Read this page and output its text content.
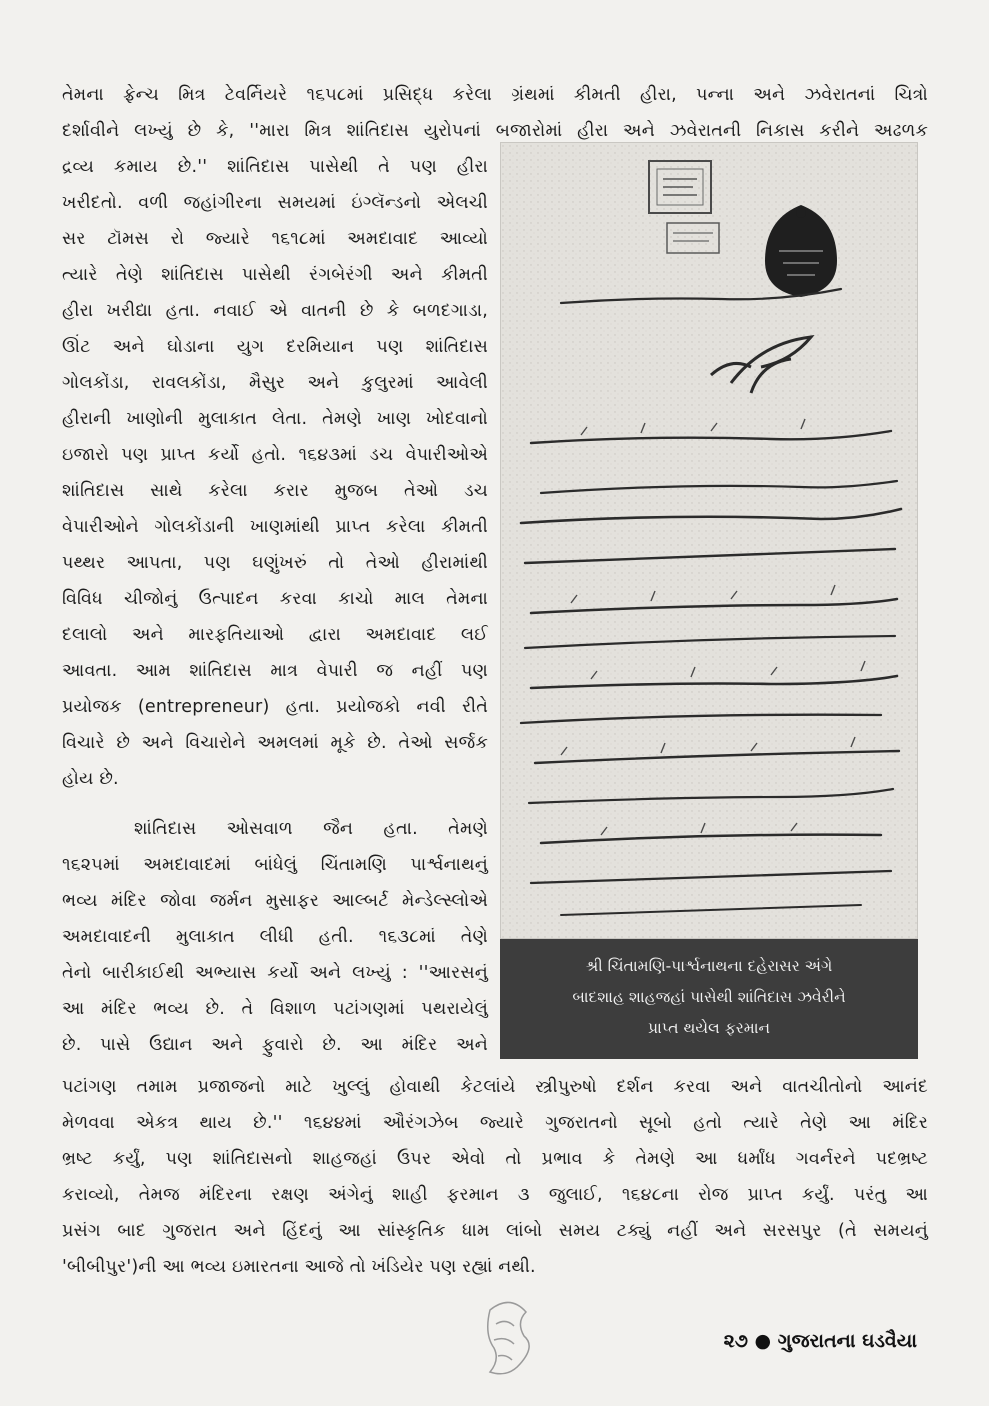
તેમના ફ્રેન્ચ મિત્ર ટેવર્નિયરે ૧૬૫૮માં પ્રસિદ્ધ કરેલા ગ્રંથમાં કીમતી હીરા, પન્ના અને ઝવેરાતનાં ચિત્રો
દર્શાવીને લખ્યું છે કે, ''મારા મિત્ર શાંતિદાસ યુરોપનાં બજારોમાં હીરા અને ઝવેરાતની નિકાસ કરીને અઢળક
દ્રવ્ય કમાય છે.'' શાંતિદાસ પાસેથી તે પણ હીરા
ખરીદતો. વળી જહાંગીરના સમયમાં ઇંગ્લૅન્ડનો એલચી
સર ટૉમસ રો જ્યારે ૧૬૧૮માં અમદાવાદ આવ્યો
ત્યારે તેણે શાંતિદાસ પાસેથી રંગબેરંગી અને કીમતી
હીરા ખરીદ્યા હતા. નવાઈ એ વાતની છે કે બળદગાડા,
ઊંટ અને ઘોડાના યુગ દરમિયાન પણ શાંતિદાસ
ગોલકોંડા, રાવલકોંડા, મૈસુર અને કુલુરમાં આવેલી
હીરાની ખાણોની મુલાકાત લેતા. તેમણે ખાણ ખોદવાનો
ઇજારો પણ પ્રાપ્ત કર્યો હતો. ૧૬૪૩માં ડચ વેપારીઓએ
શાંતિદાસ સાથે કરેલા કરાર મુજબ તેઓ ડચ
વેપારીઓને ગોલકોંડાની ખાણમાંથી પ્રાપ્ત કરેલા કીમતી
પથ્થર આપતા, પણ ઘણુંખરું તો તેઓ હીરામાંથી
વિવિધ ચીજોનું ઉત્પાદન કરવા કાચો માલ તેમના
દલાલો અને મારફતિયાઓ દ્વારા અમદાવાદ લઈ
આવતા. આમ શાંતિદાસ માત્ર વેપારી જ નહીં પણ
પ્રયોજક (entrepreneur) હતા. પ્રયોજકો નવી રીતે
વિચારે છે અને વિચારોને અમલમાં મૂકે છે. તેઓ સર્જક
હોય છે.
શાંતિદાસ ઓસવાળ જૈન હતા. તેમણે
૧૬૨૫માં અમદાવાદમાં બાંધેલું ચિંતામણિ પાર્શ્વનાથનું
ભવ્ય મંદિર જોવા જર્મન મુસાફર આલ્બર્ટ મેન્ડેલ્સ્લોએ
અમદાવાદની મુલાકાત લીધી હતી. ૧૬૩૮માં તેણે
તેનો બારીકાઈથી અભ્યાસ કર્યો અને લખ્યું : ''આરસનું
આ મંદિર ભવ્ય છે. તે વિશાળ પટાંગણમાં પથરાયેલું
છે. પાસે ઉદ્યાન અને ફુવારો છે. આ મંદિર અને
પટાંગણ તમામ પ્રજાજનો માટે ખુલ્લું હોવાથી કેટલાંયે સ્ત્રીપુરુષો દર્શન કરવા અને વાતચીતોનો આનંદ
મેળવવા એકત્ર થાય છે.'' ૧૬૪૪માં ઔરંગઝેબ જ્યારે ગુજરાતનો સૂબો હતો ત્યારે તેણે આ મંદિર
ભ્રષ્ટ કર્યું, પણ શાંતિદાસનો શાહજહાં ઉપર એવો તો પ્રભાવ કે તેમણે આ ધર્માંધ ગવર્નરને પદભ્રષ્ટ
કરાવ્યો, તેમજ મંદિરના રક્ષણ અંગેનું શાહી ફરમાન ૩ જુલાઈ, ૧૬૪૮ના રોજ પ્રાપ્ત કર્યું. પરંતુ આ
પ્રસંગ બાદ ગુજરાત અને હિંદનું આ સાંસ્કૃતિક ધામ લાંબો સમય ટક્યું નહીં અને સરસપુર (તે સમયનું
'બીબીપુર')ની આ ભવ્ય ઇમારતના આજે તો ખંડિયેર પણ રહ્યાં નથી.
શ્રી ચિંતામણિ-પાર્શ્વનાથના દહેરાસર અંગે
બાદશાહ શાહજહાં પાસેથી શાંતિદાસ ઝવેરીને
પ્રાપ્ત થયેલ ફરમાન
૨૭ ● ગુજરાતના ઘડવૈયા
